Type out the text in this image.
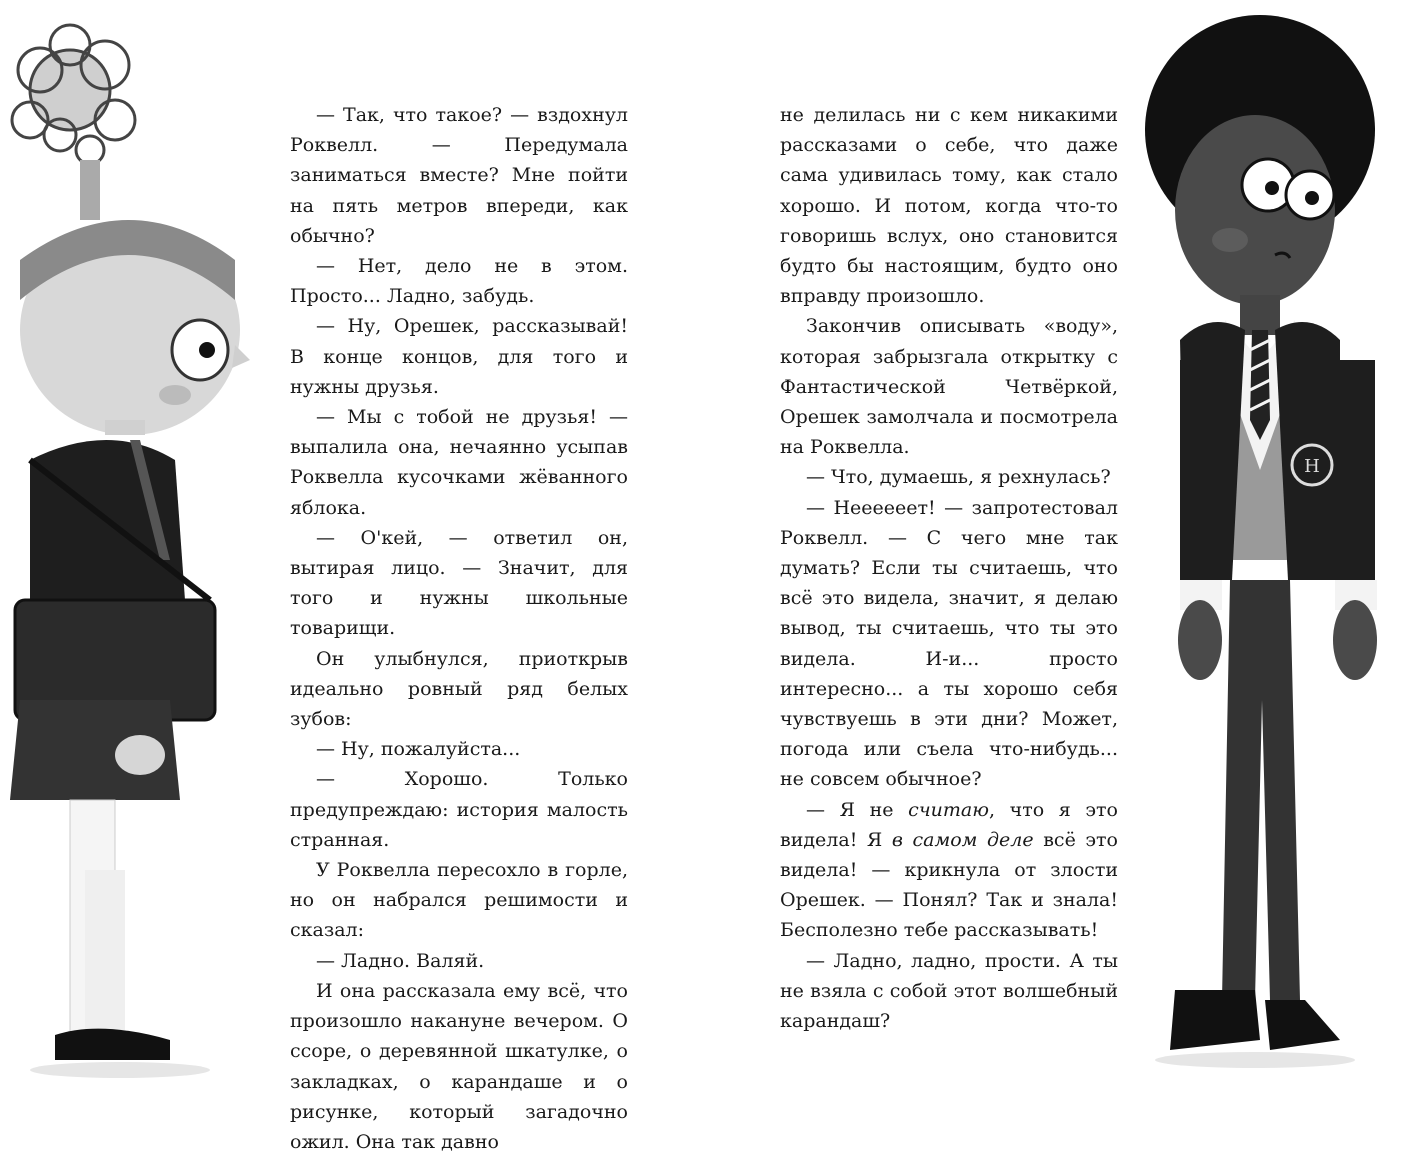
— Так, что такое? — вздохнул Роквелл. — Передумала заниматься вместе? Мне пойти на пять метров впереди, как обычно?

— Нет, дело не в этом. Просто... Ладно, забудь.

— Ну, Орешек, рассказывай! В конце концов, для того и нужны друзья.

— Мы с тобой не друзья! — выпалила она, нечаянно усыпав Роквелла кусочками жёванного яблока.

— О'кей, — ответил он, вытирая лицо. — Значит, для того и нужны школьные товарищи.

Он улыбнулся, приоткрыв идеально ровный ряд белых зубов:

— Ну, пожалуйста...

— Хорошо. Только предупреждаю: история малость странная.

У Роквелла пересохло в горле, но он набрался решимости и сказал:

— Ладно. Валяй.

И она рассказала ему всё, что произошло накануне вечером. О ссоре, о деревянной шкатулке, о закладках, о карандаше и о рисунке, который загадочно ожил. Она так давно

не делилась ни с кем никакими рассказами о себе, что даже сама удивилась тому, как стало хорошо. И потом, когда что-то говоришь вслух, оно становится будто бы настоящим, будто оно вправду произошло.

Закончив описывать «воду», которая забрызгала открытку с Фантастической Четвёркой, Орешек замолчала и посмотрела на Роквелла.

— Что, думаешь, я рехнулась?

— Неееееет! — запротестовал Роквелл. — С чего мне так думать? Если ты считаешь, что всё это видела, значит, я делаю вывод, ты считаешь, что ты это видела. И-и... просто интересно... а ты хорошо себя чувствуешь в эти дни? Может, погода или съела что-нибудь... не совсем обычное?

— Я не считаю, что я это видела! Я в самом деле всё это видела! — крикнула от злости Орешек. — Понял? Так и знала! Бесполезно тебе рассказывать!

— Ладно, ладно, прости. А ты не взяла с собой этот волшебный карандаш?

H
